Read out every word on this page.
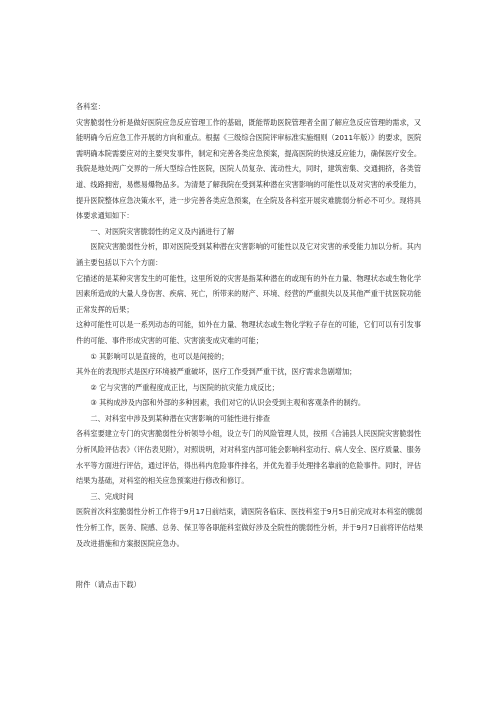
各科室：

灾害脆弱性分析是做好医院应急反应管理工作的基础，既能帮助医院管理者全面了解应急反应管理的需求，又能明确今后应急工作开展的方向和重点。根据《三级综合医院评审标准实施细则（2011年版）》的要求，医院需明确本院需要应对的主要突发事件，制定和完善各类应急预案，提高医院的快速反应能力，确保医疗安全。

我院是地处两广交界的一所大型综合性医院，医院人员复杂、流动性大，同时，建筑密集、交通拥挤，各类管道、线路拥密，易燃易爆物品多。为清楚了解我院在受到某种潜在灾害影响的可能性以及对灾害的承受能力，提升医院整体应急决策水平，进一步完善各类应急预案，在全院及各科室开展灾难脆弱分析必不可少。现将具体要求通知如下：

一、对医院灾害脆弱性的定义及内涵进行了解

医院灾害脆弱性分析，即对医院受到某种潜在灾害影响的可能性以及它对灾害的承受能力加以分析。其内涵主要包括以下六个方面：

它描述的是某种灾害发生的可能性，这里所说的灾害是指某种潜在的或现有的外在力量、物理状态或生物化学因素所造成的大量人身伤害、疾病、死亡，所带来的财产、环境、经营的严重损失以及其他严重干扰医院功能正常发挥的后果；

这种可能性可以是一系列动态的可能，如外在力量、物理状态或生物化学粒子存在的可能，它们可以有引发事件的可能、事件形成灾害的可能、灾害演变成灾难的可能；

① 其影响可以是直接的，也可以是间接的；

其外在的表现形式是医疗环境被严重破坏，医疗工作受到严重干扰，医疗需求急剧增加；

② 它与灾害的严重程度成正比，与医院的抗灾能力成反比；

③ 其构成涉及内部和外部的多种因素，我们对它的认识会受到主观和客观条件的制约。

二、对科室中涉及到某种潜在灾害影响的可能性进行排查

各科室要建立专门的灾害脆弱性分析领导小组，设立专门的风险管理人员，按照《合浦县人民医院灾害脆弱性分析风险评估表》（评估表见附），对照说明，对对科室内部可能会影响科室动行、病人安全、医疗质量、服务水平等方面进行评估，通过评估，得出科内危险事件排名，并优先着手处理排名靠前的危险事件。同时，评估结果为基础，对科室的相关应急预案进行修改和修订。

三、完成时间

医院首次科室脆弱性分析工作将于9月17日前结束，请医院各临床、医技科室于9月5日前完成对本科室的脆弱性分析工作，医务、院感、总务、保卫等各职能科室做好涉及全院性的脆弱性分析，并于9月7日前将评估结果及改进措施和方案报医院应急办。

附件（请点击下载）
